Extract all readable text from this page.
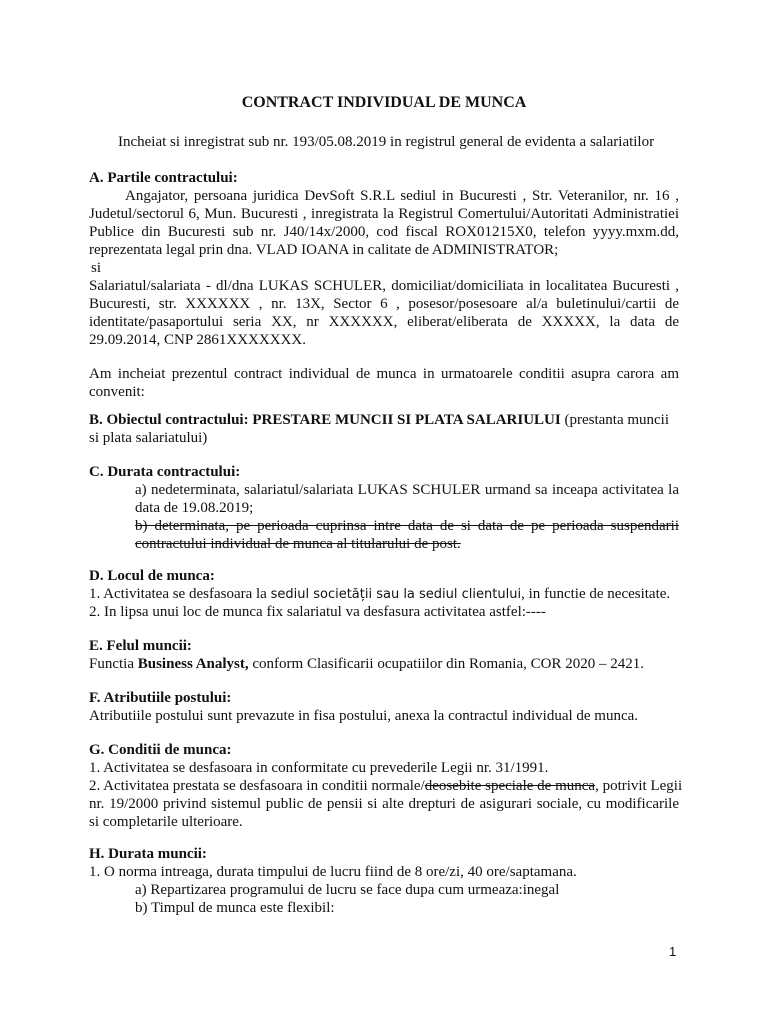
CONTRACT INDIVIDUAL DE MUNCA
Incheiat si inregistrat sub nr. 193/05.08.2019 in registrul general de evidenta a salariatilor
A. Partile contractului:
Angajator, persoana juridica DevSoft S.R.L sediul in Bucuresti , Str. Veteranilor, nr. 16 ,
Judetul/sectorul 6, Mun. Bucuresti , inregistrata la Registrul Comertului/Autoritati Administratiei
Publice din Bucuresti sub nr. J40/14x/2000, cod fiscal ROX01215X0, telefon yyyy.mxm.dd,
reprezentata legal prin dna. VLAD IOANA in calitate de ADMINISTRATOR;
si
Salariatul/salariata - dl/dna LUKAS SCHULER, domiciliat/domiciliata in localitatea Bucuresti ,
Bucuresti, str. XXXXXX , nr. 13X, Sector 6 , posesor/posesoare al/a buletinului/cartii de
identitate/pasaportului seria XX, nr XXXXXX, eliberat/eliberata de XXXXX, la data de
29.09.2014, CNP 2861XXXXXXX.
Am incheiat prezentul contract individual de munca in urmatoarele conditii asupra carora am
convenit:
B. Obiectul contractului: PRESTARE MUNCII SI PLATA SALARIULUI (prestanta muncii
si plata salariatului)
C. Durata contractului:
a) nedeterminata, salariatul/salariata LUKAS SCHULER urmand sa inceapa activitatea la
data de 19.08.2019;
b) determinata, pe perioada cuprinsa intre data de si data de pe perioada suspendarii
contractului individual de munca al titularului de post.
D. Locul de munca:
1. Activitatea se desfasoara la sediul societății sau la sediul clientului, in functie de necesitate.
2. In lipsa unui loc de munca fix salariatul va desfasura activitatea astfel:----
E. Felul muncii:
Functia Business Analyst, conform Clasificarii ocupatiilor din Romania, COR 2020 – 2421.
F. Atributiile postului:
Atributiile postului sunt prevazute in fisa postului, anexa la contractul individual de munca.
G. Conditii de munca:
1. Activitatea se desfasoara in conformitate cu prevederile Legii nr. 31/1991.
2. Activitatea prestata se desfasoara in conditii normale/deosebite speciale de munca, potrivit Legii
nr. 19/2000 privind sistemul public de pensii si alte drepturi de asigurari sociale, cu modificarile
si completarile ulterioare.
H. Durata muncii:
1. O norma intreaga, durata timpului de lucru fiind de 8 ore/zi, 40 ore/saptamana.
a) Repartizarea programului de lucru se face dupa cum urmeaza:inegal
b) Timpul de munca este flexibil:
1
